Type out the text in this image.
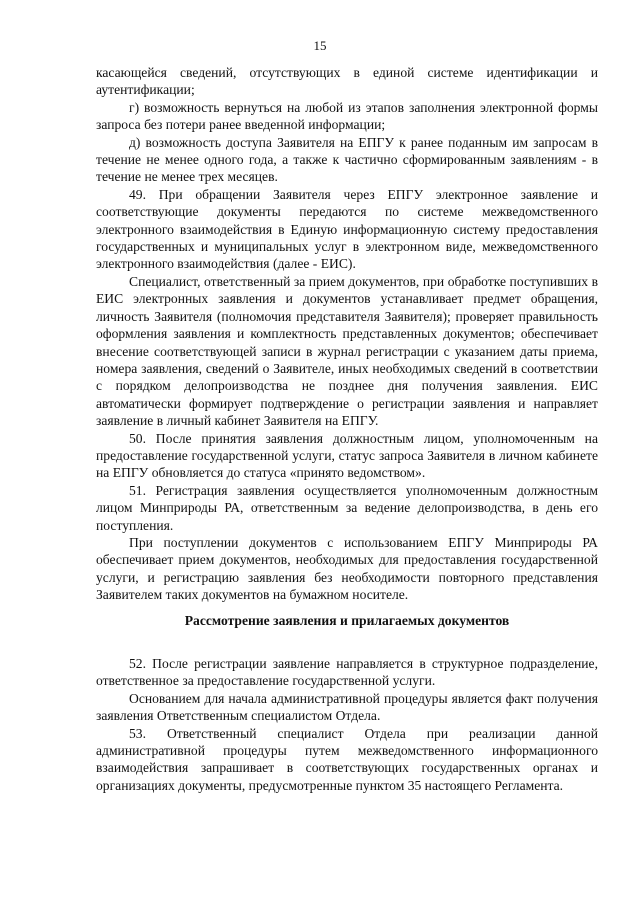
15

касающейся сведений, отсутствующих в единой системе идентификации и аутентификации;

г) возможность вернуться на любой из этапов заполнения электронной формы запроса без потери ранее введенной информации;

д) возможность доступа Заявителя на ЕПГУ к ранее поданным им запросам в течение не менее одного года, а также к частично сформированным заявлениям - в течение не менее трех месяцев.

49. При обращении Заявителя через ЕПГУ электронное заявление и соответствующие документы передаются по системе межведомственного электронного взаимодействия в Единую информационную систему предоставления государственных и муниципальных услуг в электронном виде, межведомственного электронного взаимодействия (далее - ЕИС).

Специалист, ответственный за прием документов, при обработке поступивших в ЕИС электронных заявления и документов устанавливает предмет обращения, личность Заявителя (полномочия представителя Заявителя); проверяет правильность оформления заявления и комплектность представленных документов; обеспечивает внесение соответствующей записи в журнал регистрации с указанием даты приема, номера заявления, сведений о Заявителе, иных необходимых сведений в соответствии с порядком делопроизводства не позднее дня получения заявления. ЕИС автоматически формирует подтверждение о регистрации заявления и направляет заявление в личный кабинет Заявителя на ЕПГУ.

50. После принятия заявления должностным лицом, уполномоченным на предоставление государственной услуги, статус запроса Заявителя в личном кабинете на ЕПГУ обновляется до статуса «принято ведомством».

51. Регистрация заявления осуществляется уполномоченным должностным лицом Минприроды РА, ответственным за ведение делопроизводства, в день его поступления.

При поступлении документов с использованием ЕПГУ Минприроды РА обеспечивает прием документов, необходимых для предоставления государственной услуги, и регистрацию заявления без необходимости повторного представления Заявителем таких документов на бумажном носителе.

Рассмотрение заявления и прилагаемых документов

52. После регистрации заявление направляется в структурное подразделение, ответственное за предоставление государственной услуги.

Основанием для начала административной процедуры является факт получения заявления Ответственным специалистом Отдела.

53. Ответственный специалист Отдела при реализации данной административной процедуры путем межведомственного информационного взаимодействия запрашивает в соответствующих государственных органах и организациях документы, предусмотренные пунктом 35 настоящего Регламента.
